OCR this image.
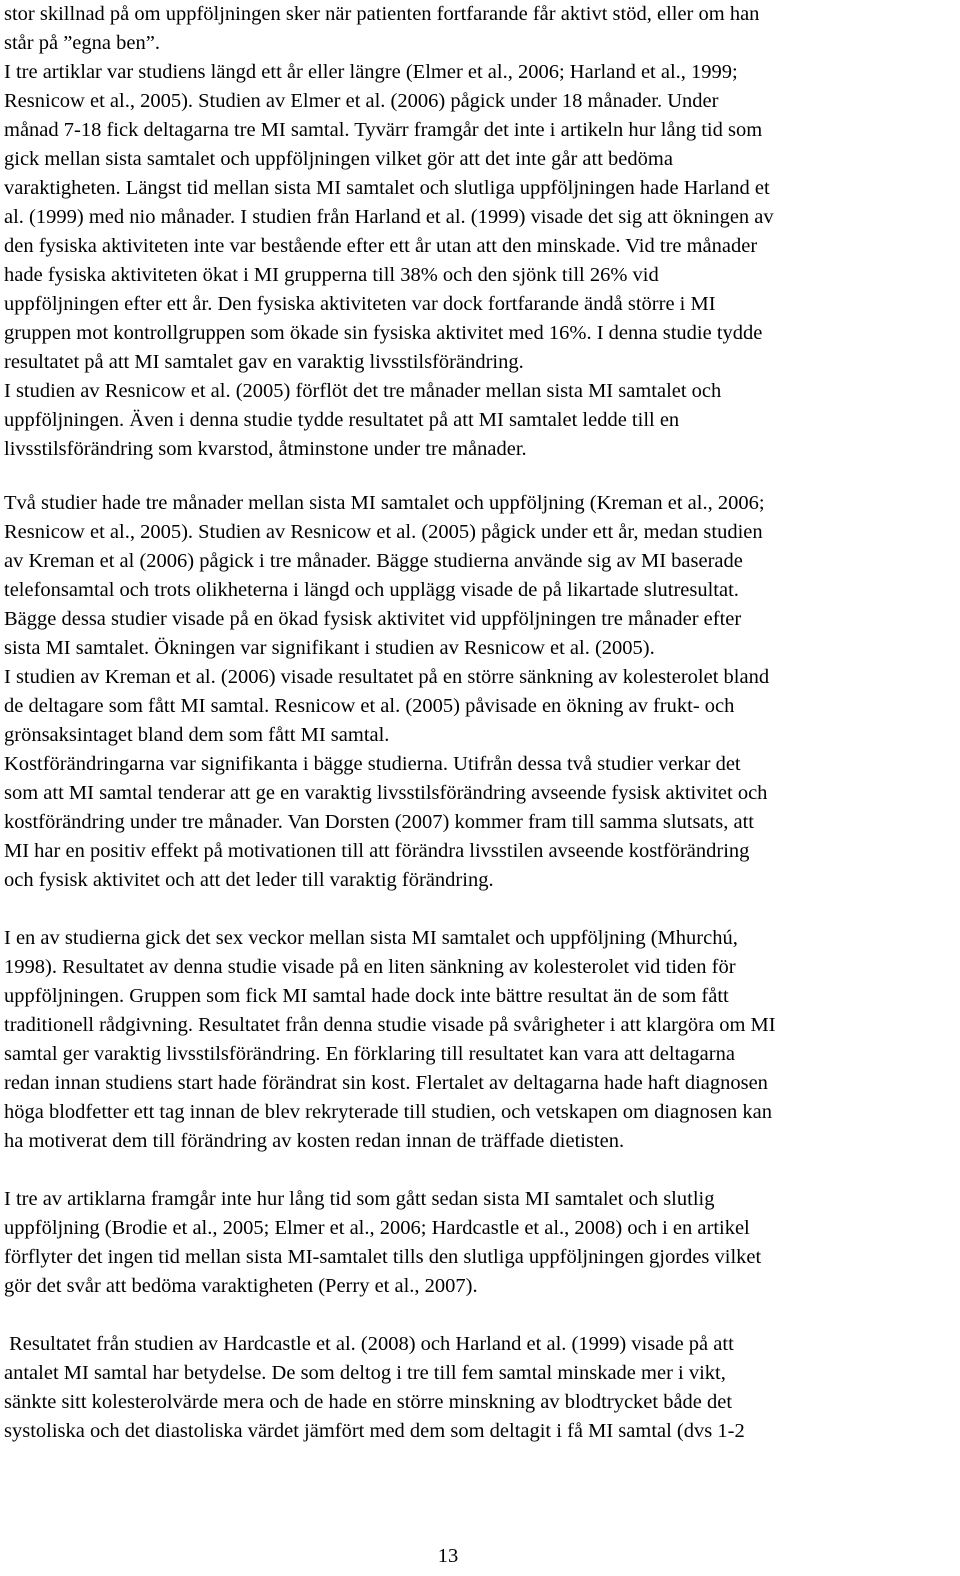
stor skillnad på om uppföljningen sker när patienten fortfarande får aktivt stöd, eller om han
står på ”egna ben”.
I tre artiklar var studiens längd ett år eller längre (Elmer et al., 2006; Harland et al., 1999;
Resnicow et al., 2005). Studien av Elmer et al. (2006) pågick under 18 månader. Under
månad 7-18 fick deltagarna tre MI samtal. Tyvärr framgår det inte i artikeln hur lång tid som
gick mellan sista samtalet och uppföljningen vilket gör att det inte går att bedöma
varaktigheten. Längst tid mellan sista MI samtalet och slutliga uppföljningen hade Harland et
al. (1999) med nio månader. I studien från Harland et al. (1999) visade det sig att ökningen av
den fysiska aktiviteten inte var bestående efter ett år utan att den minskade. Vid tre månader
hade fysiska aktiviteten ökat i MI grupperna till 38% och den sjönk till 26% vid
uppföljningen efter ett år. Den fysiska aktiviteten var dock fortfarande ändå större i MI
gruppen mot kontrollgruppen som ökade sin fysiska aktivitet med 16%. I denna studie tydde
resultatet på att MI samtalet gav en varaktig livsstilsförändring.
I studien av Resnicow et al. (2005) förflöt det tre månader mellan sista MI samtalet och
uppföljningen. Även i denna studie tydde resultatet på att MI samtalet ledde till en
livsstilsförändring som kvarstod, åtminstone under tre månader.
Två studier hade tre månader mellan sista MI samtalet och uppföljning (Kreman et al., 2006;
Resnicow et al., 2005). Studien av Resnicow et al. (2005) pågick under ett år, medan studien
av Kreman et al (2006) pågick i tre månader. Bägge studierna använde sig av MI baserade
telefonsamtal och trots olikheterna i längd och upplägg visade de på likartade slutresultat.
Bägge dessa studier visade på en ökad fysisk aktivitet vid uppföljningen tre månader efter
sista MI samtalet. Ökningen var signifikant i studien av Resnicow et al. (2005).
I studien av Kreman et al. (2006) visade resultatet på en större sänkning av kolesterolet bland
de deltagare som fått MI samtal. Resnicow et al. (2005) påvisade en ökning av frukt- och
grönsaksintaget bland dem som fått MI samtal.
Kostförändringarna var signifikanta i bägge studierna. Utifrån dessa två studier verkar det
som att MI samtal tenderar att ge en varaktig livsstilsförändring avseende fysisk aktivitet och
kostförändring under tre månader. Van Dorsten (2007) kommer fram till samma slutsats, att
MI har en positiv effekt på motivationen till att förändra livsstilen avseende kostförändring
och fysisk aktivitet och att det leder till varaktig förändring.
I en av studierna gick det sex veckor mellan sista MI samtalet och uppföljning (Mhurchú,
1998). Resultatet av denna studie visade på en liten sänkning av kolesterolet vid tiden för
uppföljningen. Gruppen som fick MI samtal hade dock inte bättre resultat än de som fått
traditionell rådgivning. Resultatet från denna studie visade på svårigheter i att klargöra om MI
samtal ger varaktig livsstilsförändring. En förklaring till resultatet kan vara att deltagarna
redan innan studiens start hade förändrat sin kost. Flertalet av deltagarna hade haft diagnosen
höga blodfetter ett tag innan de blev rekryterade till studien, och vetskapen om diagnosen kan
ha motiverat dem till förändring av kosten redan innan de träffade dietisten.
I tre av artiklarna framgår inte hur lång tid som gått sedan sista MI samtalet och slutlig
uppföljning (Brodie et al., 2005; Elmer et al., 2006; Hardcastle et al., 2008) och i en artikel
förflyter det ingen tid mellan sista MI-samtalet tills den slutliga uppföljningen gjordes vilket
gör det svår att bedöma varaktigheten (Perry et al., 2007).
Resultatet från studien av Hardcastle et al. (2008) och Harland et al. (1999) visade på att
antalet MI samtal har betydelse. De som deltog i tre till fem samtal minskade mer i vikt,
sänkte sitt kolesterolvärde mera och de hade en större minskning av blodtrycket både det
systoliska och det diastoliska värdet jämfört med dem som deltagit i få MI samtal (dvs 1-2
13
